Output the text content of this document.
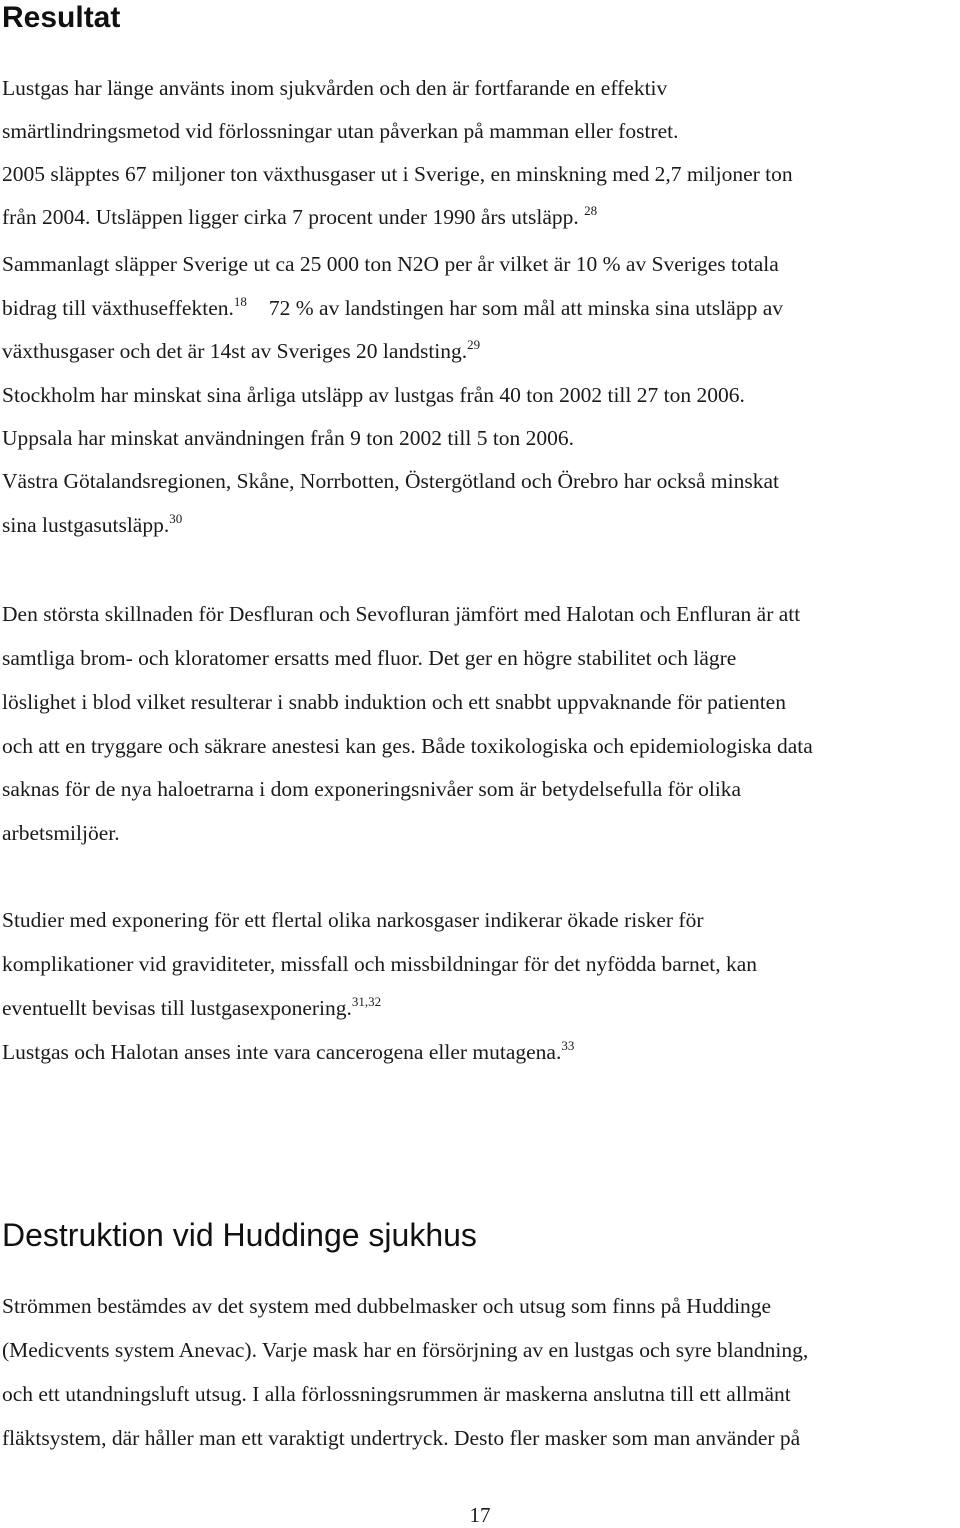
Resultat
Lustgas har länge använts inom sjukvården och den är fortfarande en effektiv
smärtlindringsmetod vid förlossningar utan påverkan på mamman eller fostret.
2005 släpptes 67 miljoner ton växthusgaser ut i Sverige, en minskning med 2,7 miljoner ton
från 2004. Utsläppen ligger cirka 7 procent under 1990 års utsläpp. $^{28}$
Sammanlagt släpper Sverige ut ca 25 000 ton N2O per år vilket är 10 % av Sveriges totala
bidrag till växthuseffekten.$^{18}$ 72 % av landstingen har som mål att minska sina utsläpp av
växthusgaser och det är 14st av Sveriges 20 landsting.$^{29}$
Stockholm har minskat sina årliga utsläpp av lustgas från 40 ton 2002 till 27 ton 2006.
Uppsala har minskat användningen från 9 ton 2002 till 5 ton 2006.
Västra Götalandsregionen, Skåne, Norrbotten, Östergötland och Örebro har också minskat
sina lustgasutsläpp.$^{30}$
Den största skillnaden för Desfluran och Sevofluran jämfört med Halotan och Enfluran är att
samtliga brom- och kloratomer ersatts med fluor. Det ger en högre stabilitet och lägre
löslighet i blod vilket resulterar i snabb induktion och ett snabbt uppvaknande för patienten
och att en tryggare och säkrare anestesi kan ges. Både toxikologiska och epidemiologiska data
saknas för de nya haloetrarna i dom exponeringsnivåer som är betydelsefulla för olika
arbetsmiljöer.
Studier med exponering för ett flertal olika narkosgaser indikerar ökade risker för
komplikationer vid graviditeter, missfall och missbildningar för det nyfödda barnet, kan
eventuellt bevisas till lustgasexponering.$^{31,32}$
Lustgas och Halotan anses inte vara cancerogena eller mutagena.$^{33}$
Destruktion vid Huddinge sjukhus
Strömmen bestämdes av det system med dubbelmasker och utsug som finns på Huddinge
(Medicvents system Anevac). Varje mask har en försörjning av en lustgas och syre blandning,
och ett utandningsluft utsug. I alla förlossningsrummen är maskerna anslutna till ett allmänt
fläktsystem, där håller man ett varaktigt undertryck. Desto fler masker som man använder på
17
